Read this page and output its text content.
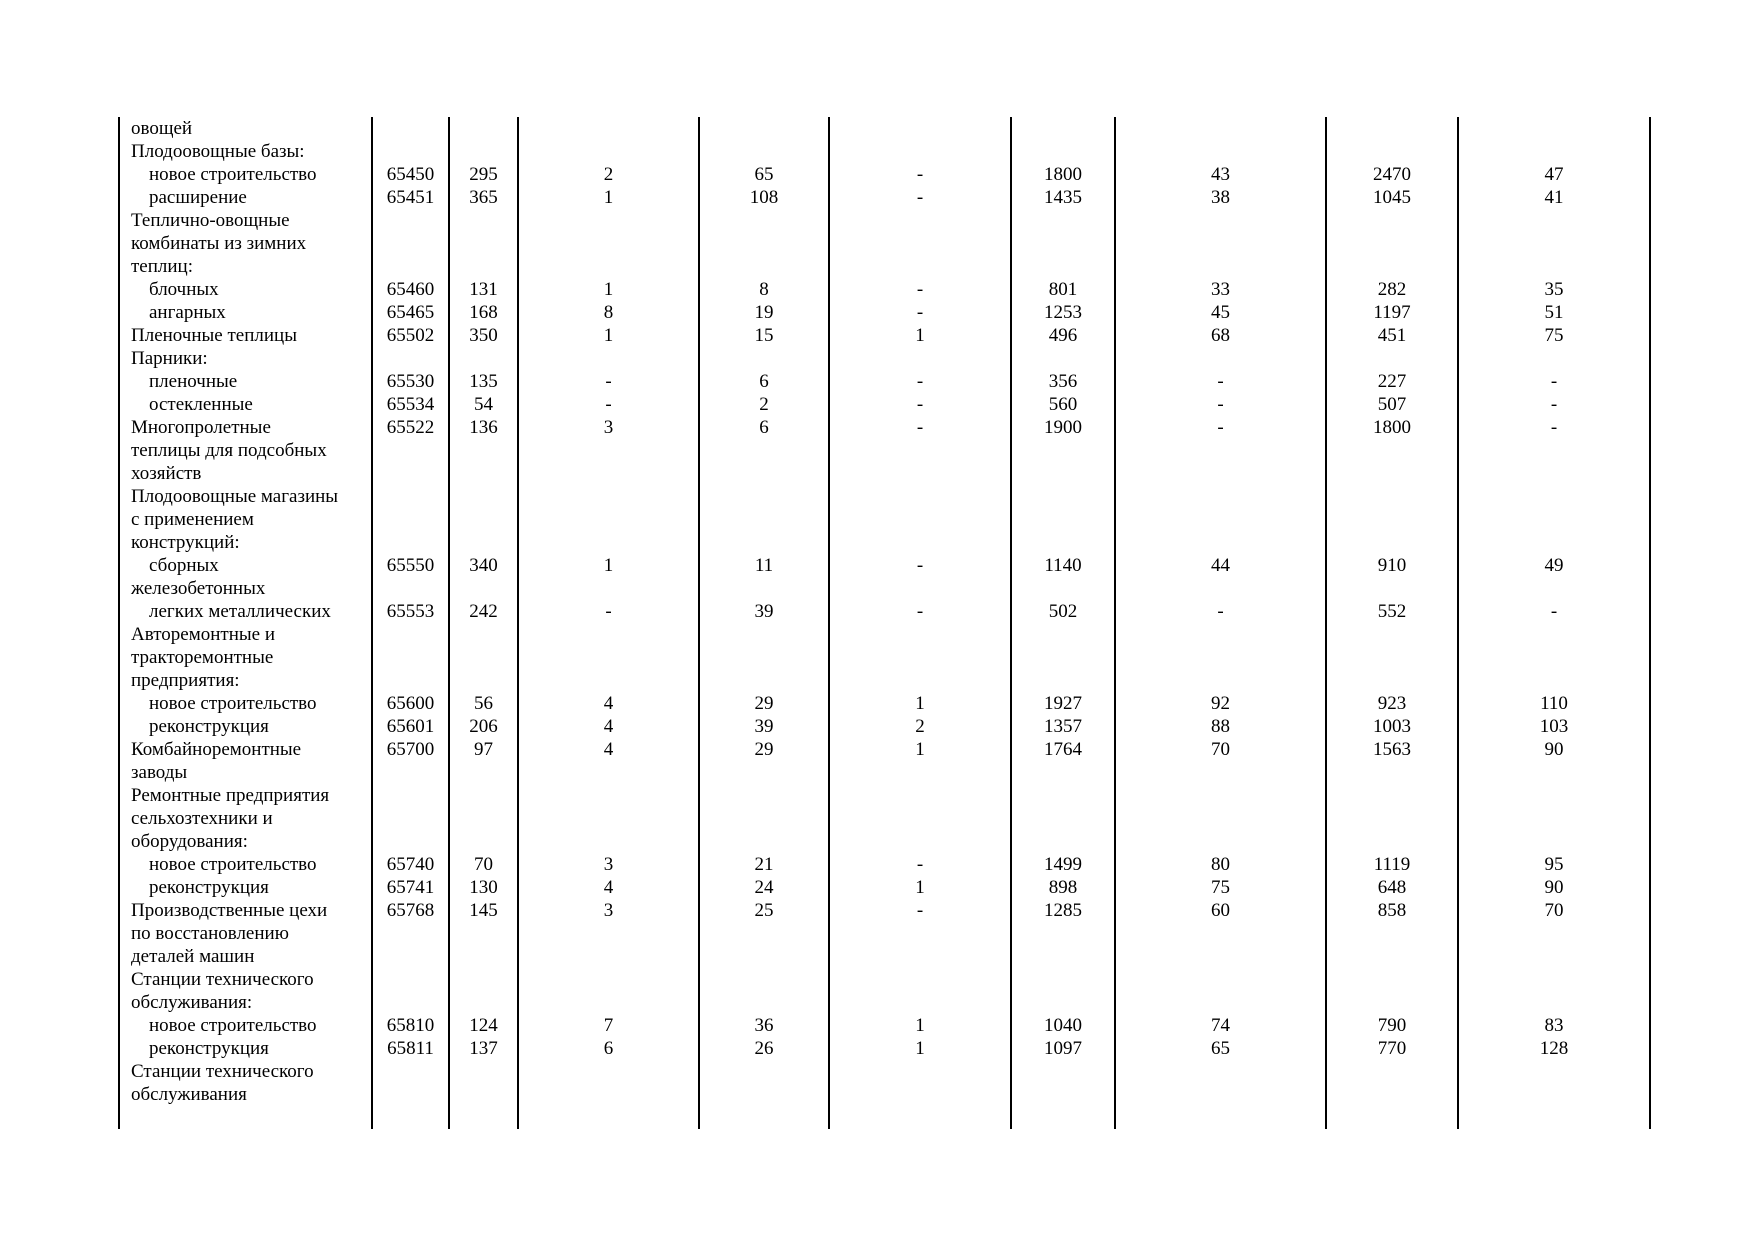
овощей									
Плодоовощные базы:									
новое строительство	65450	295	2	65	-	1800	43	2470	47
расширение	65451	365	1	108	-	1435	38	1045	41
Теплично-овощные									
комбинаты из зимних									
теплиц:									
блочных	65460	131	1	8	-	801	33	282	35
ангарных	65465	168	8	19	-	1253	45	1197	51
Пленочные теплицы	65502	350	1	15	1	496	68	451	75
Парники:									
пленочные	65530	135	-	6	-	356	-	227	-
остекленные	65534	54	-	2	-	560	-	507	-
Многопролетные	65522	136	3	6	-	1900	-	1800	-
теплицы для подсобных									
хозяйств									
Плодоовощные магазины									
с применением									
конструкций:									
сборных	65550	340	1	11	-	1140	44	910	49
железобетонных									
легких металлических	65553	242	-	39	-	502	-	552	-
Авторемонтные и									
тракторемонтные									
предприятия:									
новое строительство	65600	56	4	29	1	1927	92	923	110
реконструкция	65601	206	4	39	2	1357	88	1003	103
Комбайноремонтные	65700	97	4	29	1	1764	70	1563	90
заводы									
Ремонтные предприятия									
сельхозтехники и									
оборудования:									
новое строительство	65740	70	3	21	-	1499	80	1119	95
реконструкция	65741	130	4	24	1	898	75	648	90
Производственные цехи	65768	145	3	25	-	1285	60	858	70
по восстановлению									
деталей машин									
Станции технического									
обслуживания:									
новое строительство	65810	124	7	36	1	1040	74	790	83
реконструкция	65811	137	6	26	1	1097	65	770	128
Станции технического									
обслуживания									
